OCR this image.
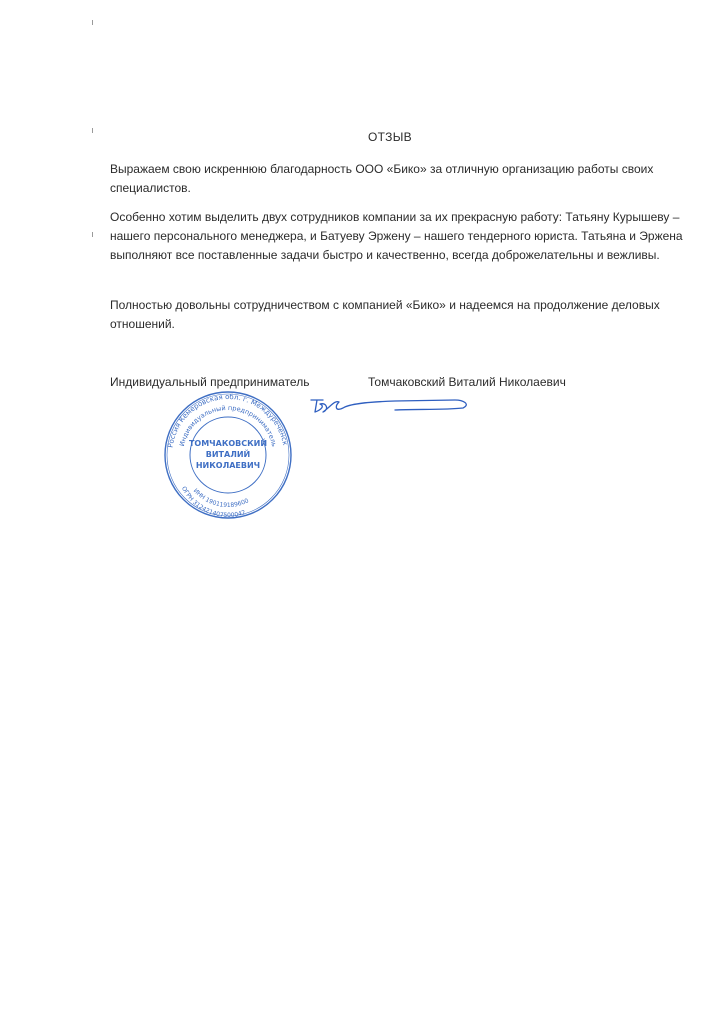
ОТЗЫВ

Выражаем свою искреннюю благодарность ООО «Бико» за отличную организацию работы своих специалистов.

Особенно хотим выделить двух сотрудников компании за их прекрасную работу: Татьяну Курышеву – нашего персонального менеджера, и Батуеву Эржену – нашего тендерного юриста. Татьяна и Эржена выполняют все поставленные задачи быстро и качественно, всегда доброжелательны и вежливы.

Полностью довольны сотрудничеством с компанией «Бико» и надеемся на продолжение деловых отношений.

Индивидуальный предприниматель	Томчаковский Виталий Николаевич
Россия Кемеровская обл. г. Междуреченск
Индивидуальный предприниматель
ИНН 190119189600
ОГРН 312421407500042
ТОМЧАКОВСКИЙ
ВИТАЛИЙ
НИКОЛАЕВИЧ
